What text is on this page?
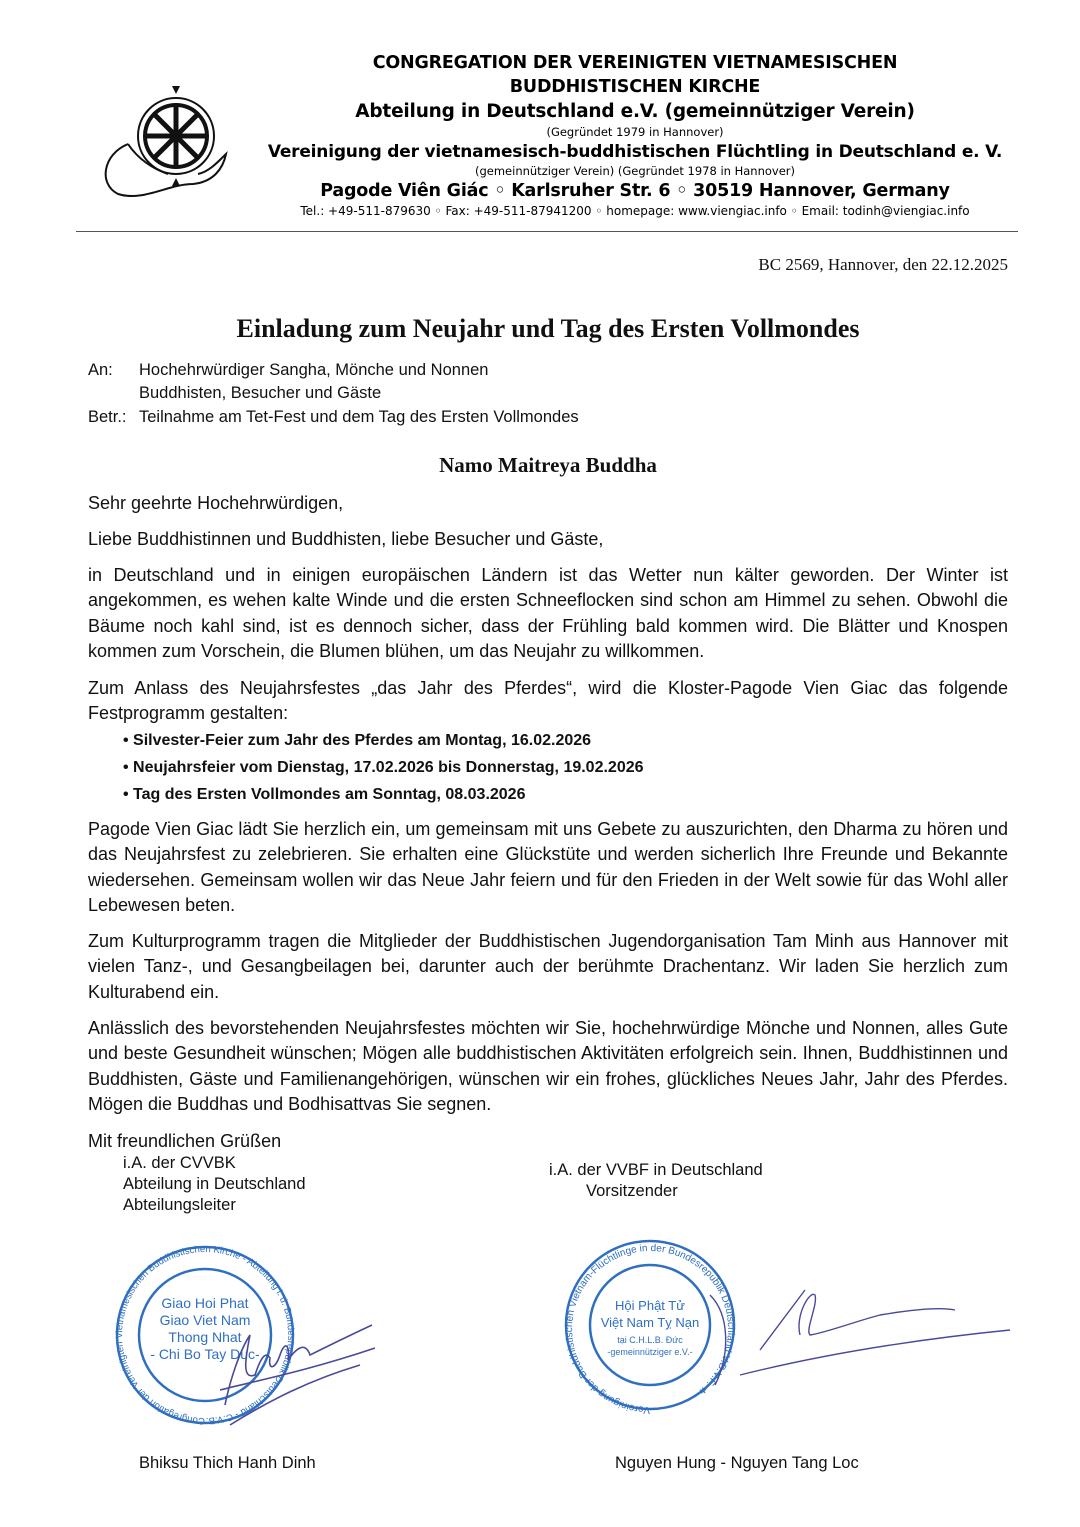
CONGREGATION DER VEREINIGTEN VIETNAMESISCHEN
BUDDHISTISCHEN KIRCHE
Abteilung in Deutschland e.V. (gemeinnütziger Verein)
(Gegründet 1979 in Hannover)
Vereinigung der vietnamesisch-buddhistischen Flüchtling in Deutschland e. V.
(gemeinnütziger Verein) (Gegründet 1978 in Hannover)
Pagode Viên Giác ◦ Karlsruher Str. 6 ◦ 30519 Hannover, Germany
Tel.: +49-511-879630 ◦ Fax: +49-511-87941200 ◦ homepage: www.viengiac.info ◦ Email: todinh@viengiac.info
BC 2569, Hannover, den 22.12.2025
Einladung zum Neujahr und Tag des Ersten Vollmondes
An: Hochehrwürdiger Sangha, Mönche und Nonnen
Buddhisten, Besucher und Gäste
Betr.: Teilnahme am Tet-Fest und dem Tag des Ersten Vollmondes
Namo Maitreya Buddha
Sehr geehrte Hochehrwürdigen,
Liebe Buddhistinnen und Buddhisten, liebe Besucher und Gäste,
in Deutschland und in einigen europäischen Ländern ist das Wetter nun kälter geworden. Der Winter ist angekommen, es wehen kalte Winde und die ersten Schneeflocken sind schon am Himmel zu sehen. Obwohl die Bäume noch kahl sind, ist es dennoch sicher, dass der Frühling bald kommen wird. Die Blätter und Knospen kommen zum Vorschein, die Blumen blühen, um das Neujahr zu willkommen.
Zum Anlass des Neujahrsfestes „das Jahr des Pferdes“, wird die Kloster-Pagode Vien Giac das folgende Festprogramm gestalten:
• Silvester-Feier zum Jahr des Pferdes am Montag, 16.02.2026
• Neujahrsfeier vom Dienstag, 17.02.2026 bis Donnerstag, 19.02.2026
• Tag des Ersten Vollmondes am Sonntag, 08.03.2026
Pagode Vien Giac lädt Sie herzlich ein, um gemeinsam mit uns Gebete zu auszurichten, den Dharma zu hören und das Neujahrsfest zu zelebrieren. Sie erhalten eine Glückstüte und werden sicherlich Ihre Freunde und Bekannte wiedersehen. Gemeinsam wollen wir das Neue Jahr feiern und für den Frieden in der Welt sowie für das Wohl aller Lebewesen beten.
Zum Kulturprogramm tragen die Mitglieder der Buddhistischen Jugendorganisation Tam Minh aus Hannover mit vielen Tanz-, und Gesangbeilagen bei, darunter auch der berühmte Drachentanz. Wir laden Sie herzlich zum Kulturabend ein.
Anlässlich des bevorstehenden Neujahrsfestes möchten wir Sie, hochehrwürdige Mönche und Nonnen, alles Gute und beste Gesundheit wünschen; Mögen alle buddhistischen Aktivitäten erfolgreich sein. Ihnen, Buddhistinnen und Buddhisten, Gäste und Familienangehörigen, wünschen wir ein frohes, glückliches Neues Jahr, Jahr des Pferdes. Mögen die Buddhas und Bodhisattvas Sie segnen.
Mit freundlichen Grüßen
i.A. der CVVBK
Abteilung in Deutschland
Abteilungsleiter
i.A. der VVBF in Deutschland
Vorsitzender
Congregation der Vereinigten Vietnamesischen Buddhistischen Kirche - Abteilung i. d. Bundesrepublik Deutschland - C.V.B.
Giao Hoi Phat
Giao Viet Nam
Thong Nhat
- Chi Bo Tay Duc-
Vereinigung der Buddhistischen Vietnam-Flüchtlinge in der Bundesrepublik Deutschland V.B.V.F. ★
Hội Phật Tử
Việt Nam Tỵ Nạn
tại C.H.L.B. Đức
-gemeinnütziger e.V.-
Bhiksu Thich Hanh Dinh	Nguyen Hung - Nguyen Tang Loc
